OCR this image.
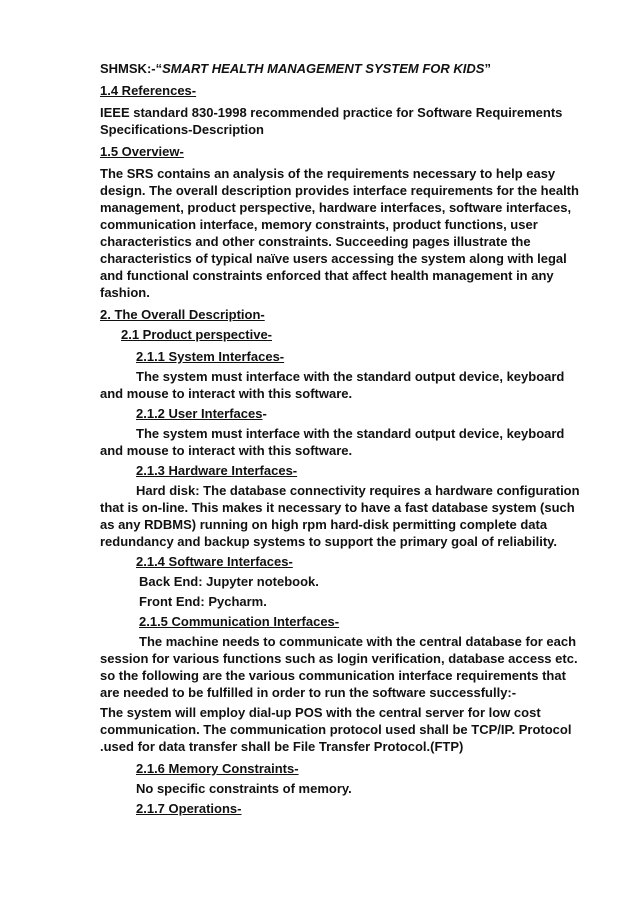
SHMSK:-“SMART HEALTH MANAGEMENT SYSTEM FOR KIDS”

1.4 References-

IEEE standard 830-1998 recommended practice for Software Requirements Specifications-Description

1.5 Overview-

The SRS contains an analysis of the requirements necessary to help easy design. The overall description provides interface requirements for the health management, product perspective, hardware interfaces, software interfaces, communication interface, memory constraints, product functions, user characteristics and other constraints. Succeeding pages illustrate the characteristics of typical naïve users accessing the system along with legal and functional constraints enforced that affect health management in any fashion.

2. The Overall Description-

2.1 Product perspective-

2.1.1 System Interfaces-

The system must interface with the standard output device, keyboard and mouse to interact with this software.

2.1.2 User Interfaces-

The system must interface with the standard output device, keyboard and mouse to interact with this software.

2.1.3 Hardware Interfaces-

Hard disk: The database connectivity requires a hardware configuration that is on-line. This makes it necessary to have a fast database system (such as any RDBMS) running on high rpm hard-disk permitting complete data redundancy and backup systems to support the primary goal of reliability.

2.1.4 Software Interfaces-

Back End: Jupyter notebook.

Front End: Pycharm.

2.1.5 Communication Interfaces-

The machine needs to communicate with the central database for each session for various functions such as login verification, database access etc. so the following are the various communication interface requirements that are needed to be fulfilled in order to run the software successfully:-

The system will employ dial-up POS with the central server for low cost communication. The communication protocol used shall be TCP/IP. Protocol .used for data transfer shall be File Transfer Protocol.(FTP)

2.1.6 Memory Constraints-

No specific constraints of memory.

2.1.7 Operations-
